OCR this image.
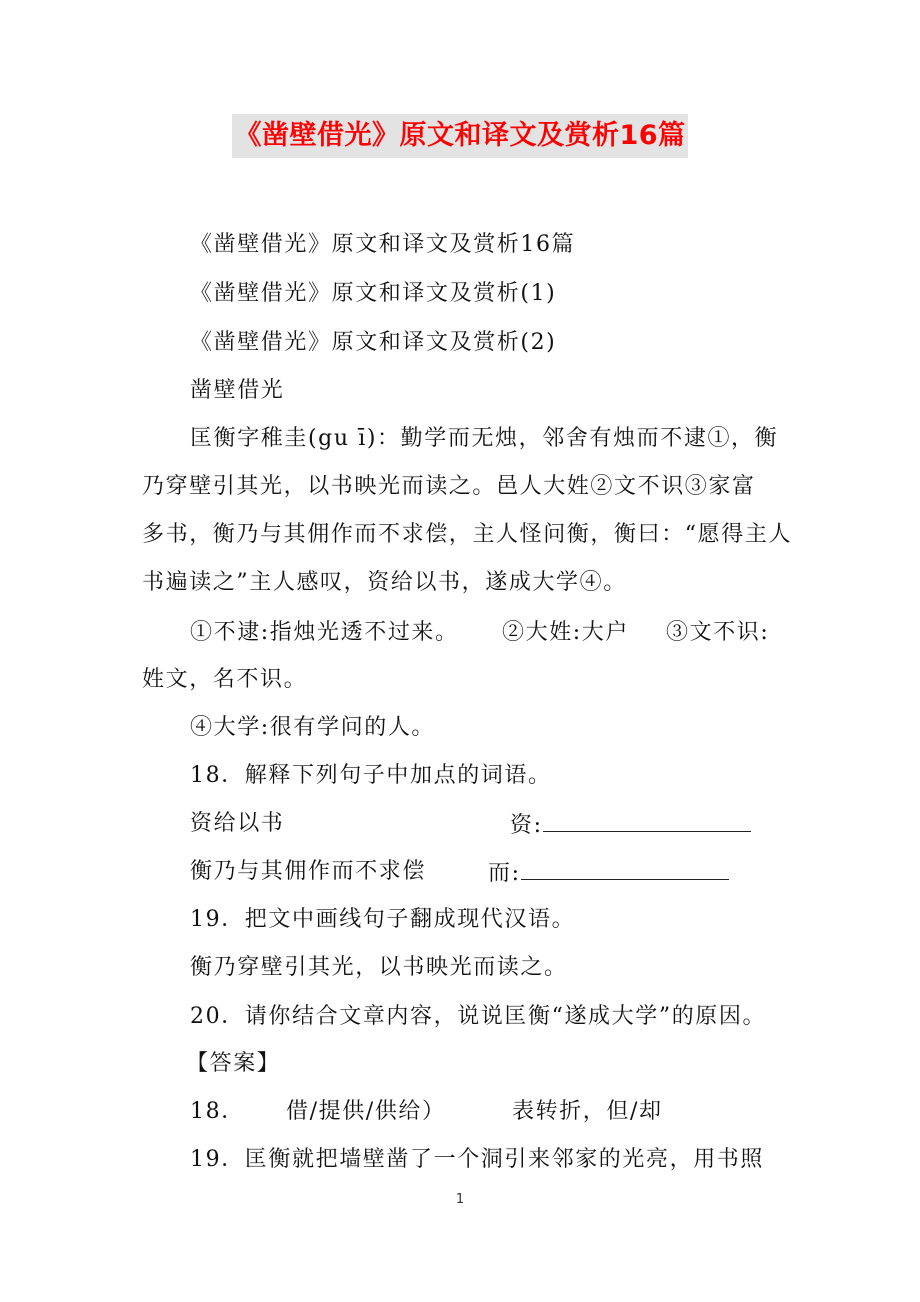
《凿壁借光》原文和译文及赏析16篇
《凿壁借光》原文和译文及赏析16篇
《凿壁借光》原文和译文及赏析(1)
《凿壁借光》原文和译文及赏析(2)
凿壁借光
匡衡字稚圭(gu ī)：勤学而无烛，邻舍有烛而不逮①，衡
乃穿壁引其光，以书映光而读之。邑人大姓②文不识③家富
多书，衡乃与其佣作而不求偿，主人怪问衡，衡曰：“愿得主人
书遍读之”主人感叹，资给以书，遂成大学④。
①不逮:指烛光透不过来。 ②大姓:大户 ③文不识:
姓文，名不识。
④大学:很有学问的人。
18．解释下列句子中加点的词语。
资给以书	资:
衡乃与其佣作而不求偿	而:
19．把文中画线句子翻成现代汉语。
衡乃穿壁引其光，以书映光而读之。
20．请你结合文章内容，说说匡衡“遂成大学”的原因。
【答案】
18． 借/提供/供给）	表转折，但/却
19．匡衡就把墙壁凿了一个洞引来邻家的光亮，用书照
1
